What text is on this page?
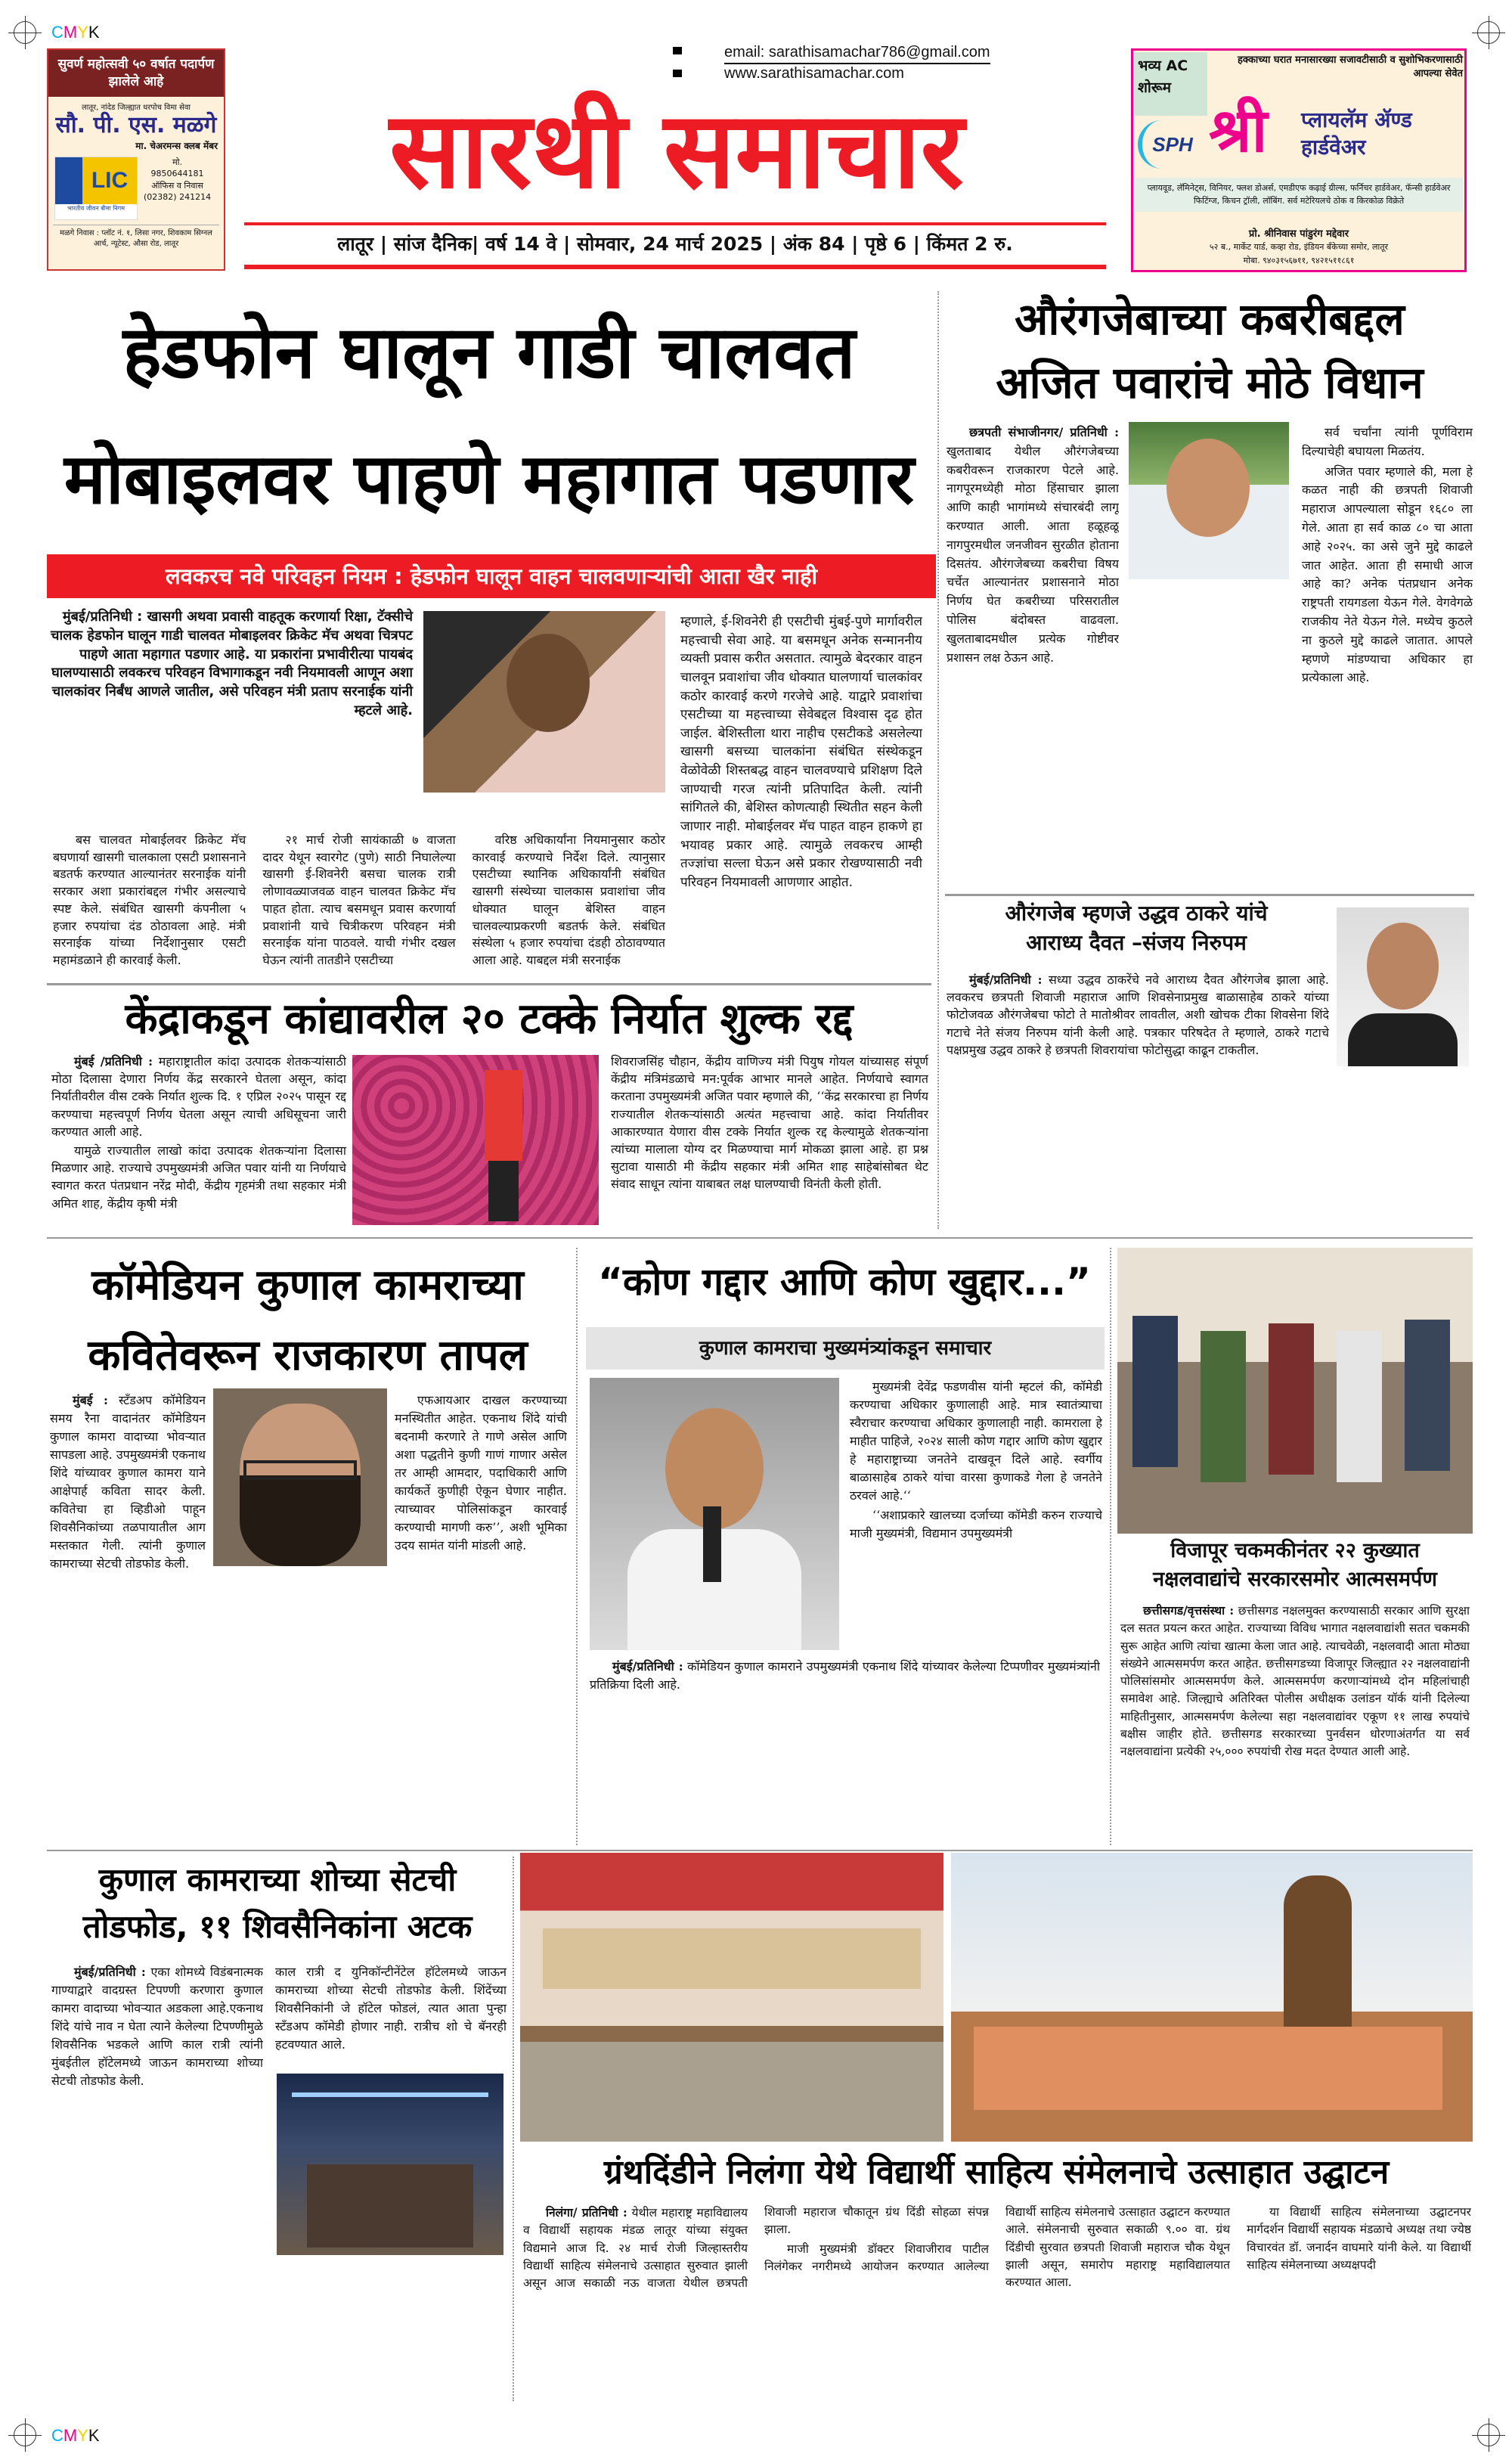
CMYK
CMYK
सुवर्ण महोत्सवी ५० वर्षात पदार्पण झालेले आहे
लातूर, नांदेड जिल्ह्यात धरपोच विमा सेवा
सौ. पी. एस. मळगे
मा. चेअरमन्स क्लब मेंबर
LIC
भारतीय जीवन बीमा निगम
मो.
9850644181
ऑफिस व निवास
(02382) 241214
मळगे निवास : प्लॉट नं. १, लिसा नगर, शिवकाम सिग्नल आर्च, न्यूटेस्ट, औसा रोड, लातूर
email: sarathisamachar786@gmail.com
www.sarathisamachar.com
सारथी समाचार
लातूर | सांज दैनिक| वर्ष 14 वे | सोमवार, 24 मार्च 2025 | अंक 84 | पृष्ठे 6 | किंमत 2 रु.
भव्य AC शोरूम
हक्काच्या घरात मनासारख्या सजावटीसाठी व सुशोभिकरणासाठी आपल्या सेवेत
SPH श्री प्लायलॅम ॲण्ड हार्डवेअर
प्लायवूड, लॅमिनेट्स, विनियर, फ्लश डोअर्स, एमडीएफ कढ़ाई ग्रील्स, फर्निचर हार्डवेअर, फॅन्सी हार्डवेअर फिटिंग्ज, किचन ट्रॉली, लॉबिंग. सर्व मटेरियलचे ठोक व किरकोळ विक्रेते
प्रो. श्रीनिवास पांडुरंग मद्देवार
५२ ब., मार्केट यार्ड, कव्हा रोड, इंडियन बँकेच्या समोर, लातूर
मोबा. ९४०३१५६७११, ९४२१५११८६१
हेडफोन घालून गाडी चालवत
मोबाइलवर पाहणे महागात पडणार
लवकरच नवे परिवहन नियम : हेडफोन घालून वाहन चालवणाऱ्यांची आता खैर नाही
मुंबई/प्रतिनिधी : खासगी अथवा प्रवासी वाहतूक करणार्या रिक्षा, टॅक्सीचे चालक हेडफोन घालून गाडी चालवत मोबाइलवर क्रिकेट मॅच अथवा चित्रपट पाहणे आता महागात पडणार आहे. या प्रकारांना प्रभावीरीत्या पायबंद घालण्यासाठी लवकरच परिवहन विभागाकडून नवी नियमावली आणून अशा चालकांवर निर्बंध आणले जातील, असे परिवहन मंत्री प्रताप सरनाईक यांनी म्हटले आहे.
म्हणाले, ई-शिवनेरी ही एसटीची मुंबई-पुणे मार्गावरील महत्त्वाची सेवा आहे. या बसमधून अनेक सन्माननीय व्यक्ती प्रवास करीत असतात. त्यामुळे बेदरकार वाहन चालवून प्रवाशांचा जीव धोक्यात घालणार्या चालकांवर कठोर कारवाई करणे गरजेचे आहे. याद्वारे प्रवाशांचा एसटीच्या या महत्त्वाच्या सेवेबद्दल विश्वास दृढ होत जाईल. बेशिस्तीला थारा नाहीच एसटीकडे असलेल्या खासगी बसच्या चालकांना संबंधित संस्थेकडून वेळोवेळी शिस्तबद्ध वाहन चालवण्याचे प्रशिक्षण दिले जाण्याची गरज त्यांनी प्रतिपादित केली. त्यांनी सांगितले की, बेशिस्त कोणत्याही स्थितीत सहन केली जाणार नाही. मोबाईलवर मॅच पाहत वाहन हाकणे हा भयावह प्रकार आहे. त्यामुळे लवकरच आम्ही तज्ज्ञांचा सल्ला घेऊन असे प्रकार रोखण्यासाठी नवी परिवहन नियमावली आणणार आहोत.

बस चालवत मोबाईलवर क्रिकेट मॅच बघणार्या खासगी चालकाला एसटी प्रशासनाने बडतर्फ करण्यात आल्यानंतर सरनाईक यांनी सरकार अशा प्रकारांबद्दल गंभीर असल्याचे स्पष्ट केले. संबंधित खासगी कंपनीला ५ हजार रुपयांचा दंड ठोठावला आहे. मंत्री सरनाईक यांच्या निर्देशानुसार एसटी महामंडळाने ही कारवाई केली.

२१ मार्च रोजी सायंकाळी ७ वाजता दादर येथून स्वारगेट (पुणे) साठी निघालेल्या खासगी ई-शिवनेरी बसचा चालक रात्री लोणावळ्याजवळ वाहन चालवत क्रिकेट मॅच पाहत होता. त्याच बसमधून प्रवास करणार्या प्रवाशांनी याचे चित्रीकरण परिवहन मंत्री सरनाईक यांना पाठवले. याची गंभीर दखल घेऊन त्यांनी तातडीने एसटीच्या

वरिष्ठ अधिकार्यांना नियमानुसार कठोर कारवाई करण्याचे निर्देश दिले. त्यानुसार एसटीच्या स्थानिक अधिकार्यांनी संबंधित खासगी संस्थेच्या चालकास प्रवाशांचा जीव धोक्यात घालून बेशिस्त वाहन चालवल्याप्रकरणी बडतर्फ केले. संबंधित संस्थेला ५ हजार रुपयांचा दंडही ठोठावण्यात आला आहे. याबद्दल मंत्री सरनाईक

केंद्राकडून कांद्यावरील २० टक्के निर्यात शुल्क रद्द

मुंबई /प्रतिनिधी : महाराष्ट्रातील कांदा उत्पादक शेतकऱ्यांसाठी मोठा दिलासा देणारा निर्णय केंद्र सरकारने घेतला असून, कांदा निर्यातीवरील वीस टक्के निर्यात शुल्क दि. १ एप्रिल २०२५ पासून रद्द करण्याचा महत्त्वपूर्ण निर्णय घेतला असून त्याची अधिसूचना जारी करण्यात आली आहे.

यामुळे राज्यातील लाखो कांदा उत्पादक शेतकऱ्यांना दिलासा मिळणार आहे. राज्याचे उपमुख्यमंत्री अजित पवार यांनी या निर्णयाचे स्वागत करत पंतप्रधान नरेंद्र मोदी, केंद्रीय गृहमंत्री तथा सहकार मंत्री अमित शाह, केंद्रीय कृषी मंत्री

शिवराजसिंह चौहान, केंद्रीय वाणिज्य मंत्री पियुष गोयल यांच्यासह संपूर्ण केंद्रीय मंत्रिमंडळाचे मन:पूर्वक आभार मानले आहेत. निर्णयाचे स्वागत करताना उपमुख्यमंत्री अजित पवार म्हणाले की, ‘‘केंद्र सरकारचा हा निर्णय राज्यातील शेतकऱ्यांसाठी अत्यंत महत्त्वाचा आहे. कांदा निर्यातीवर आकारण्यात येणारा वीस टक्के निर्यात शुल्क रद्द केल्यामुळे शेतकऱ्यांना त्यांच्या मालाला योग्य दर मिळण्याचा मार्ग मोकळा झाला आहे. हा प्रश्न सुटावा यासाठी मी केंद्रीय सहकार मंत्री अमित शाह साहेबांसोबत थेट संवाद साधून त्यांना याबाबत लक्ष घालण्याची विनंती केली होती.
औरंगजेबाच्या कबरीबद्दल
अजित पवारांचे मोठे विधान

छत्रपती संभाजीनगर/ प्रतिनिधी : खुलताबाद येथील औरंगजेबच्या कबरीवरून राजकारण पेटले आहे. नागपूरमध्येही मोठा हिंसाचार झाला आणि काही भागांमध्ये संचारबंदी लागू करण्यात आली. आता हळूहळू नागपुरमधील जनजीवन सुरळीत होताना दिसतंय. औरंगजेबच्या कबरीचा विषय चर्चेत आल्यानंतर प्रशासनाने मोठा निर्णय घेत कबरीच्या परिसरातील पोलिस बंदोबस्त वाढवला. खुलताबादमधील प्रत्येक गोष्टीवर प्रशासन लक्ष ठेऊन आहे.

सर्व चर्चांना त्यांनी पूर्णविराम दिल्याचेही बघायला मिळतंय.

अजित पवार म्हणाले की, मला हे कळत नाही की छत्रपती शिवाजी महाराज आपल्याला सोडून १६८० ला गेले. आता हा सर्व काळ ८० चा आता आहे २०२५. का असे जुने मुद्दे काढले जात आहेत. आता ही समाधी आज आहे का? अनेक पंतप्रधान अनेक राष्ट्रपती रायगडला येऊन गेले. वेगवेगळे राजकीय नेते येऊन गेले. मध्येच कुठले ना कुठले मुद्दे काढले जातात. आपले म्हणणे मांडण्याचा अधिकार हा प्रत्येकाला आहे.

औरंगजेब म्हणजे उद्धव ठाकरे यांचे
आराध्य दैवत –संजय निरुपम

मुंबई/प्रतिनिधी : सध्या उद्धव ठाकरेंचे नवे आराध्य दैवत औरंगजेब झाला आहे. लवकरच छत्रपती शिवाजी महाराज आणि शिवसेनाप्रमुख बाळासाहेब ठाकरे यांच्या फोटोजवळ औरंगजेबचा फोटो ते मातोश्रीवर लावतील, अशी खोचक टीका शिवसेना शिंदे गटाचे नेते संजय निरुपम यांनी केली आहे. पत्रकार परिषदेत ते म्हणाले, ठाकरे गटाचे पक्षप्रमुख उद्धव ठाकरे हे छत्रपती शिवरायांचा फोटोसुद्धा काढून टाकतील.

कॉमेडियन कुणाल कामराच्या
कवितेवरून राजकारण तापल

मुंबई : स्टँडअप कॉमेडियन समय रैना वादानंतर कॉमेडियन कुणाल कामरा वादाच्या भोवऱ्यात सापडला आहे. उपमुख्यमंत्री एकनाथ शिंदे यांच्यावर कुणाल कामरा याने आक्षेपार्ह कविता सादर केली. कवितेचा हा व्हिडीओ पाहून शिवसैनिकांच्या तळपायातील आग मस्तकात गेली. त्यांनी कुणाल कामराच्या सेटची तोडफोड केली.

एफआयआर दाखल करण्याच्या मनस्थितीत आहेत. एकनाथ शिंदे यांची बदनामी करणारे ते गाणे असेल आणि अशा पद्धतीने कुणी गाणं गाणार असेल तर आम्ही आमदार, पदाधिकारी आणि कार्यकर्ते कुणीही ऐकून घेणार नाहीत. त्याच्यावर पोलिसांकडून कारवाई करण्याची मागणी करु’’, अशी भूमिका उदय सामंत यांनी मांडली आहे.

“कोण गद्दार आणि कोण खुद्दार...”
कुणाल कामराचा मुख्यमंत्र्यांकडून समाचार

मुख्यमंत्री देवेंद्र फडणवीस यांनी म्हटलं की, कॉमेडी करण्याचा अधिकार कुणालाही आहे. मात्र स्वातंत्र्याचा स्वैराचार करण्याचा अधिकार कुणालाही नाही. कामराला हे माहीत पाहिजे, २०२४ साली कोण गद्दार आणि कोण खुद्दार हे महाराष्ट्राच्या जनतेने दाखवून दिले आहे. स्वर्गीय बाळासाहेब ठाकरे यांचा वारसा कुणाकडे गेला हे जनतेने ठरवलं आहे.‘‘

‘‘अशाप्रकारे खालच्या दर्जाच्या कॉमेडी करुन राज्याचे माजी मुख्यमंत्री, विद्यमान उपमुख्यमंत्री

मुंबई/प्रतिनिधी : कॉमेडियन कुणाल कामराने उपमुख्यमंत्री एकनाथ शिंदे यांच्यावर केलेल्या टिप्पणीवर मुख्यमंत्र्यांनी प्रतिक्रिया दिली आहे.

विजापूर चकमकीनंतर २२ कुख्यात
नक्षलवाद्यांचे सरकारसमोर आत्मसमर्पण

छत्तीसगड/वृत्तसंस्था : छत्तीसगड नक्षलमुक्त करण्यासाठी सरकार आणि सुरक्षा दल सतत प्रयत्न करत आहेत. राज्याच्या विविध भागात नक्षलवाद्यांशी सतत चकमकी सुरू आहेत आणि त्यांचा खात्मा केला जात आहे. त्याचवेळी, नक्षलवादी आता मोठ्या संख्येने आत्मसमर्पण करत आहेत. छत्तीसगडच्या विजापूर जिल्ह्यात २२ नक्षलवाद्यांनी पोलिसांसमोर आत्मसमर्पण केले. आत्मसमर्पण करणाऱ्यांमध्ये दोन महिलांचाही समावेश आहे. जिल्ह्याचे अतिरिक्त पोलीस अधीक्षक उलांडन यॉर्क यांनी दिलेल्या माहितीनुसार, आत्मसमर्पण केलेल्या सहा नक्षलवाद्यांवर एकूण ११ लाख रुपयांचे बक्षीस जाहीर होते. छत्तीसगड सरकारच्या पुनर्वसन धोरणाअंतर्गत या सर्व नक्षलवाद्यांना प्रत्येकी २५,००० रुपयांची रोख मदत देण्यात आली आहे.

कुणाल कामराच्या शोच्या सेटची
तोडफोड, ११ शिवसैनिकांना अटक

मुंबई/प्रतिनिधी : एका शोमध्ये विडंबनात्मक गाण्याद्वारे वादग्रस्त टिपण्णी करणारा कुणाल कामरा वादाच्या भोवऱ्यात अडकला आहे.एकनाथ शिंदे यांचे नाव न घेता त्याने केलेल्या टिपण्णीमुळे शिवसैनिक भडकले आणि काल रात्री त्यांनी मुंबईतील हॉटेलमध्ये जाऊन कामराच्या शोच्या सेटची तोडफोड केली.

काल रात्री द युनिकॉन्टीनेंटेल हॉटेलमध्ये जाऊन कामराच्या शोच्या सेटची तोडफोड केली. शिंदेंच्या शिवसैनिकांनी जे हॉटेल फोडलं, त्यात आता पुन्हा स्टँडअप कॉमेडी होणार नाही. रात्रीच शो चे बॅनरही हटवण्यात आले.
ग्रंथदिंडीने निलंगा येथे विद्यार्थी साहित्य संमेलनाचे उत्साहात उद्घाटन

निलंगा/ प्रतिनिधी : येथील महाराष्ट्र महाविद्यालय व विद्यार्थी सहायक मंडळ लातूर यांच्या संयुक्त विद्यमाने आज दि. २४ मार्च रोजी जिल्हास्तरीय विद्यार्थी साहित्य संमेलनाचे उत्साहात सुरुवात झाली असून आज सकाळी नऊ वाजता येथील छत्रपती शिवाजी महाराज चौकातून ग्रंथ दिंडी सोहळा संपन्न झाला.

माजी मुख्यमंत्री डॉक्टर शिवाजीराव पाटील निलंगेकर नगरीमध्ये आयोजन करण्यात आलेल्या विद्यार्थी साहित्य संमेलनाचे उत्साहात उद्घाटन करण्यात आले. संमेलनाची सुरुवात सकाळी ९.०० वा. ग्रंथ दिंडीची सुरवात छत्रपती शिवाजी महाराज चौक येथून झाली असून, समारोप महाराष्ट्र महाविद्यालयात करण्यात आला.

या विद्यार्थी साहित्य संमेलनाच्या उद्घाटनपर मार्गदर्शन विद्यार्थी सहायक मंडळाचे अध्यक्ष तथा ज्येष्ठ विचारवंत डॉ. जनार्दन वाघमारे यांनी केले. या विद्यार्थी साहित्य संमेलनाच्या अध्यक्षपदी
